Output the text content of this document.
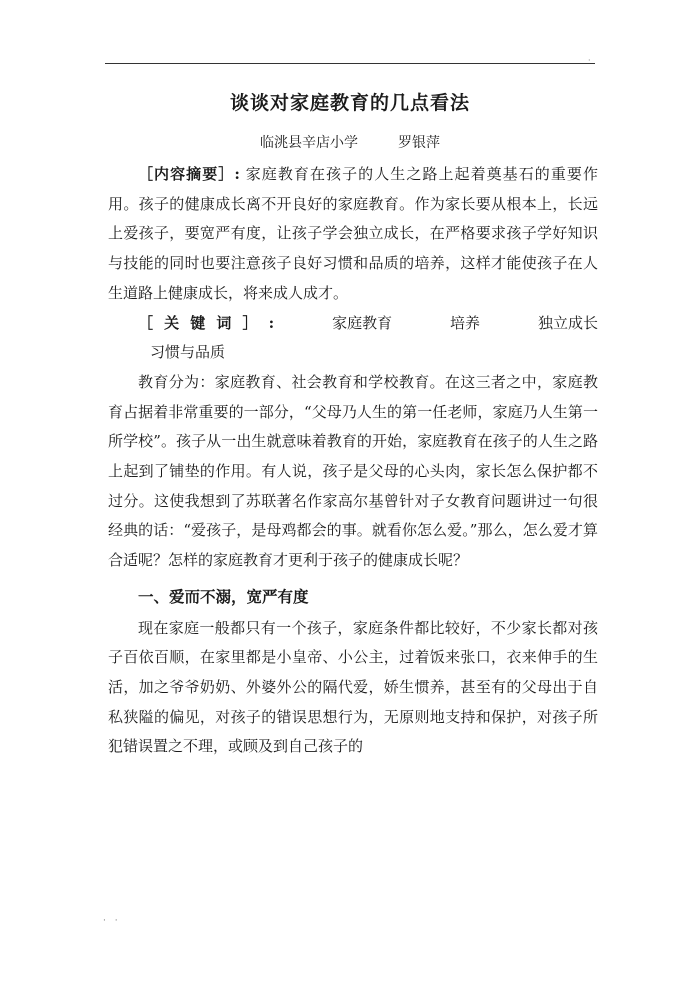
·
谈谈对家庭教育的几点看法
临洮县辛店小学	罗银萍

［内容摘要］: 家庭教育在孩子的人生之路上起着奠基石的重要作用。孩子的健康成长离不开良好的家庭教育。作为家长要从根本上，长远上爱孩子，要宽严有度，让孩子学会独立成长，在严格要求孩子学好知识与技能的同时也要注意孩子良好习惯和品质的培养，这样才能使孩子在人生道路上健康成长，将来成人成才。

［关键词］:	家庭教育	培养	独立成长 习惯与品质

教育分为：家庭教育、社会教育和学校教育。在这三者之中，家庭教育占据着非常重要的一部分，“父母乃人生的第一任老师，家庭乃人生第一所学校”。孩子从一出生就意味着教育的开始，家庭教育在孩子的人生之路上起到了铺垫的作用。有人说，孩子是父母的心头肉，家长怎么保护都不过分。这使我想到了苏联著名作家高尔基曾针对子女教育问题讲过一句很经典的话：“爱孩子，是母鸡都会的事。就看你怎么爱。”那么，怎么爱才算合适呢？怎样的家庭教育才更利于孩子的健康成长呢？

一、爱而不溺，宽严有度

现在家庭一般都只有一个孩子，家庭条件都比较好，不少家长都对孩子百依百顺，在家里都是小皇帝、小公主，过着饭来张口，衣来伸手的生活，加之爷爷奶奶、外婆外公的隔代爱，娇生惯养，甚至有的父母出于自私狭隘的偏见，对孩子的错误思想行为，无原则地支持和保护，对孩子所犯错误置之不理，或顾及到自己孩子的

· ·
